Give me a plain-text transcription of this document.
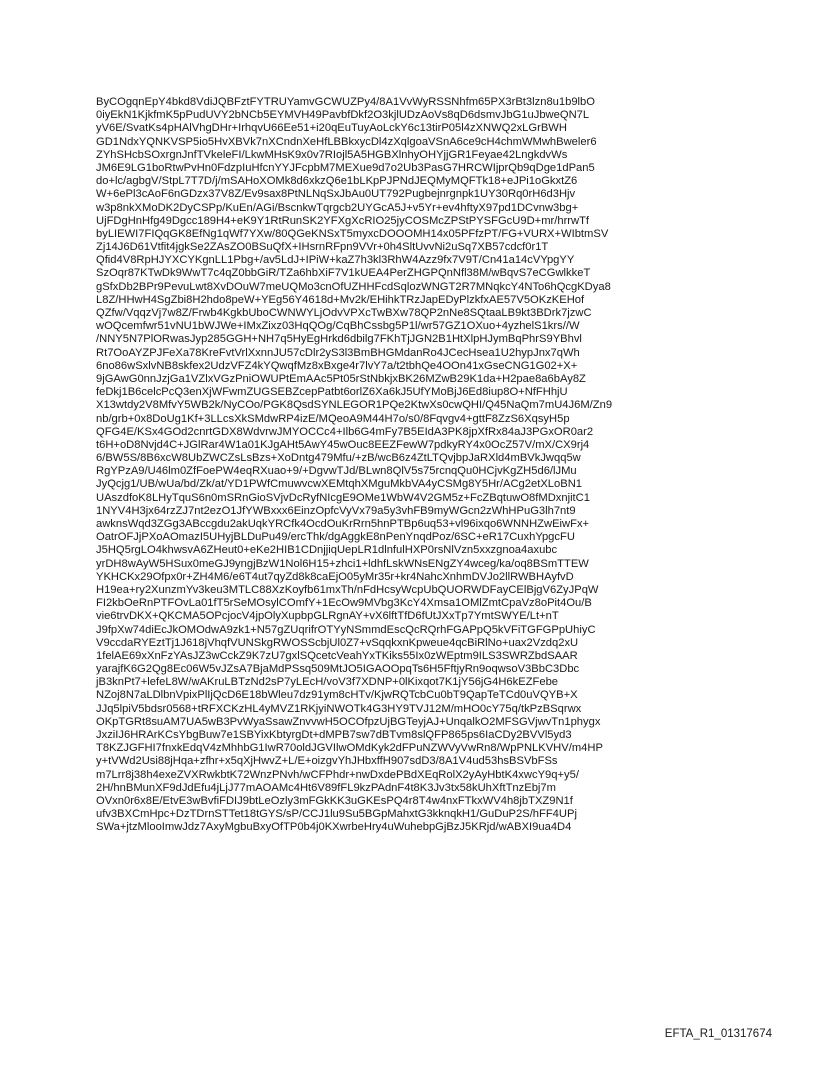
ByCOgqnEpY4bkd8VdiJQBFztFYTRUYamvGCWUZPy4/8A1VvWyRSSNhfm65PX3rBt3lzn8u1b9lbO
0iyEkN1KjkfmK5pPudUVY2bNCb5EYMVH49PavbfDkf2O3kjlUDzAoVs8qD6dsmvJbG1uJbweQN7L
yV6E/SvatKs4pHAlVhgDHr+IrhqvU66Ee51+i20qEuTuyAoLckY6c13tirP05l4zXNWQ2xLGrBWH
GD1NdxYQNKVSP5io5HvXBVk7nXCndnXeHfLBBkxycDl4zXqlgoaVSnA6ce9cH4chmWMwhBweler6
ZYhSHcbSOxrgnJnfTVkeleFI/LkwMHsK9x0v7RIojl5A5HGBXlnhyOHYjjGR1Feyae42LngkdvWs
JM6E9LG1boRtwPvHn0FdzpIuHfcnYYJFcpbM7MEXue9d7o2Ub3PasG7HRCWIjprQb9qDge1dPan5
do+lc/agbgV/StpL7T7D/j/mSAHoXOMk8d6xkzQ6e1bLKpPJPNdJEQMyMQFTk18+eJPi1oGkxtZ6
W+6ePl3cAoF6nGDzx37V8Z/Ev9sax8PtNLNqSxJbAu0UT792Pugbejnrgnpk1UY30Rq0rH6d3Hjv
w3p8nkXMoDK2DyCSPp/KuEn/AGi/BscnkwTqrgcb2UYGcA5J+v5Yr+ev4hftyX97pd1DCvnw3bg+
UjFDgHnHfg49Dgcc189H4+eK9Y1RtRunSK2YFXgXcRIO25jyCOSMcZPStPYSFGcU9D+mr/hrrwTf
byLIEWI7FIQqGK8EfNg1qWf7YXw/80QGeKNSxT5myxcDOOOMH14x05PFfzPT/FG+VURX+WIbtmSV
Zj14J6D61Vtfit4jgkSe2ZAsZO0BSuQfX+IHsrnRFpn9VVr+0h4SltUvvNi2uSq7XB57cdcf0r1T
Qfid4V8RpHJYXCYKgnLL1Pbg+/av5LdJ+IPiW+kaZ7h3kl3RhW4Azz9fx7V9T/Cn41a14cVYpgYY
SzOqr87KTwDk9WwT7c4qZ0bbGiR/TZa6hbXiF7V1kUEA4PerZHGPQnNfl38M/wBqvS7eCGwlkkeT
gSfxDb2BPr9PevuLwt8XvDOuW7meUQMo3cnOfUZHHFcdSqlozWNGT2R7MNqkcY4NTo6hQcgKDya8
L8Z/HHwH4SgZbi8H2hdo8peW+YEg56Y4618d+Mv2k/EHihkTRzJapEDyPlzkfxAE57V5OKzKEHof
QZfw/VqqzVj7w8Z/Frwb4KgkbUboCWNWYLjOdvVPXcTwBXw78QP2nNe8SQtaaLB9kt3BDrk7jzwC
wOQcemfwr51vNU1bWJWe+IMxZixz03HqQOg/CqBhCssbg5P1l/wr57GZ1OXuo+4yzhelS1krs//W
/NNY5N7PlORwasJyp285GGH+NH7q5HyEgHrkd6dbilg7FKhTjJGN2B1HtXlpHJymBqPhrS9YBhvl
Rt7OoAYZPJFeXa78KreFvtVrlXxnnJU57cDlr2yS3l3BmBHGMdanRo4JCecHsea1U2hypJnx7qWh
6no86wSxlvNB8skfex2UdzVFZ4kYQwqfMz8xBxge4r7lvY7a/t2tbhQe4OOn41xGseCNG1G02+X+
9jGAwG0nnJzjGa1VZlxVGzPniOWUPtEmAAc5Pt05rStNbkjxBK26MZwB29K1da+H2pae8a6bAy8Z
feDkj1B6celcPcQ3enXjWFwmZUGSEBZcepPatbt6orlZ6Xa6kJ5UfYMoBjJ6Ed8iup8O+NfFHhjU
X13wtdy2V8MfvY5WB2k/NyCOo/PGK8QsdSYNLEGOR1PQe2KtwXs0cwQHI/Q45NaQm7mU4J6M/Zn9
nb/grb+0x8DoUg1Kf+3LLcsXkSMdwRP4izE/MQeoA9M44H7o/s0/8Fqvgv4+gttF8ZzS6XqsyH5p
QFG4E/KSx4GOd2cnrtGDX8WdvrwJMYOCCc4+Ilb6G4mFy7B5EIdA3PK8jpXfRx84aJ3PGxOR0ar2
t6H+oD8Nvjd4C+JGlRar4W1a01KJgAHt5AwY45wOuc8EEZFewW7pdkyRY4x0OcZ57V/mX/CX9rj4
6/BW5S/8B6xcW8UbZWCZsLsBzs+XoDntg479Mfu/+zB/wcB6z4ZtLTQvjbpJaRXld4mBVkJwqq5w
RgYPzA9/U46lm0ZfFoePW4eqRXuao+9/+DgvwTJd/BLwn8QlV5s75rcnqQu0HCjvKgZH5d6/lJMu
JyQcjg1/UB/wUa/bd/Zk/at/YD1PWfCmuwvcwXEMtqhXMguMkbVA4yCSMg8Y5Hr/ACg2etXLoBN1
UAszdfoK8LHyTquS6n0mSRnGioSVjvDcRyfNIcgE9OMe1WbW4V2GM5z+FcZBqtuwO8fMDxnjitC1
1NYV4H3jx64rzZJ7nt2ezO1JfYWBxxx6EinzOpfcVyVx79a5y3vhFB9myWGcn2zWhHPuG3lh7nt9
awknsWqd3ZGg3ABccgdu2akUqkYRCfk4OcdOuKrRrn5hnPTBp6uq53+vl96ixqo6WNNHZwEiwFx+
OatrOFJjPXoAOmazI5UHyjBLDuPu49/ercThk/dgAggkE8nPenYnqdPoz/6SC+eR17CuxhYpgcFU
J5HQ5rgLO4khwsvA6ZHeut0+eKe2HIB1CDnjjiqUepLR1dlnfulHXP0rsNlVzn5xxzgnoa4axubc
yrDH8wAyW5HSux0meGJ9yngjBzW1Nol6H15+zhci1+ldhfLskWNsENgZY4wceg/ka/oq8BSmTTEW
YKHCKx29Ofpx0r+ZH4M6/e6T4ut7qyZd8k8caEjO05yMr35r+kr4NahcXnhmDVJo2llRWBHAyfvD
H19ea+ry2XunzmYv3keu3MTLC88XzKoyfb61mxTh/nFdHcsyWcpUbQUORWDFayCElBjgV6ZyJPqW
FI2kbOeRnPTFOvLa01fT5rSeMOsylCOmfY+1EcOw9MVbg3KcY4Xmsa1OMlZmtCpaVz8oPit4Ou/B
vie6trvDKX+QKCMA5OPcjocV4jpOlyXupbpGLRgnAY+vX6lftTfD6fUtJXxTp7YmtSWYE/Lt+nT
J9fpXw74diEcJkOMOdwA9zk1+N57gZUqrifrOTYyNSmmdEscQcRQrhFGAPpQ5kVFiTGFGPpUhiyC
V9ccdaRYEztTj1J618jVhqfVUNSkgRWOSScbjUl0Z7+vSqqkxnKpweue4qcBiRlNo+uax2Vzdq2xU
1felAE69xXnFzYAsJZ3wCckZ9K7zU7gxlSQcetcVeahYxTKiks55Ix0zWEptm9ILS3SWRZbdSAAR
yarajfK6G2Qg8Ec06W5vJZsA7BjaMdPSsq509MtJO5IGAOOpqTs6H5FftjyRn9oqwsoV3BbC3Dbc
jB3knPt7+lefeL8W/wAKruLBTzNd2sP7yLEcH/voV3f7XDNP+0lKixqot7K1jY56jG4H6kEZFebe
NZoj8N7aLDlbnVpixPlIjQcD6E18bWleu7dz91ym8cHTv/KjwRQTcbCu0bT9QapTeTCd0uVQYB+X
JJq5lpiV5bdsr0568+tRFXCKzHL4yMVZ1RKjyiNWOTk4G3HY9TVJ12M/mHO0cY75q/tkPzBSqrwx
OKpTGRt8suAM7UA5wB3PvWyaSsawZnvvwH5OCOfpzUjBGTeyjAJ+UnqalkO2MFSGVjwvTn1phygx
JxziIJ6HRArKCsYbgBuw7e1SBYixKbtyrgDt+dMPB7sw7dBTvm8slQFP865ps6IaCDy2BVVl5yd3
T8KZJGFHI7fnxkEdqV4zMhhbG1IwR70oldJGVIlwOMdKyk2dFPuNZWVyVwRn8/WpPNLKVHV/m4HP
y+tVWd2Usi88jHqa+zfhr+x5qXjHwvZ+L/E+oizgvYhJHbxffH907sdD3/8A1V4ud53hsBSVbFSs
m7Lrr8j38h4exeZVXRwkbtK72WnzPNvh/wCFPhdr+nwDxdePBdXEqRolX2yAyHbtK4xwcY9q+y5/
2H/hnBMunXF9dJdEfu4jLjJ77mAOAMc4Ht6V89fFL9kzPAdnF4t8K3Jv3tx58kUhXftTnzEbj7m
OVxn0r6x8E/EtvE3wBvfiFDIJ9btLeOzly3mFGkKK3uGKEsPQ4r8T4w4nxFTkxWV4h8jbTXZ9N1f
ufv3BXCmHpc+DzTDrnSTTet18tGYS/sP/CCJ1lu9Su5BGpMahxtG3kknqkH1/GuDuP2S/hFF4UPj
SWa+jtzMlooImwJdz7AxyMgbuBxyOfTP0b4j0KXwrbeHry4uWuhebpGjBzJ5KRjd/wABXI9ua4D4
EFTA_R1_01317674
